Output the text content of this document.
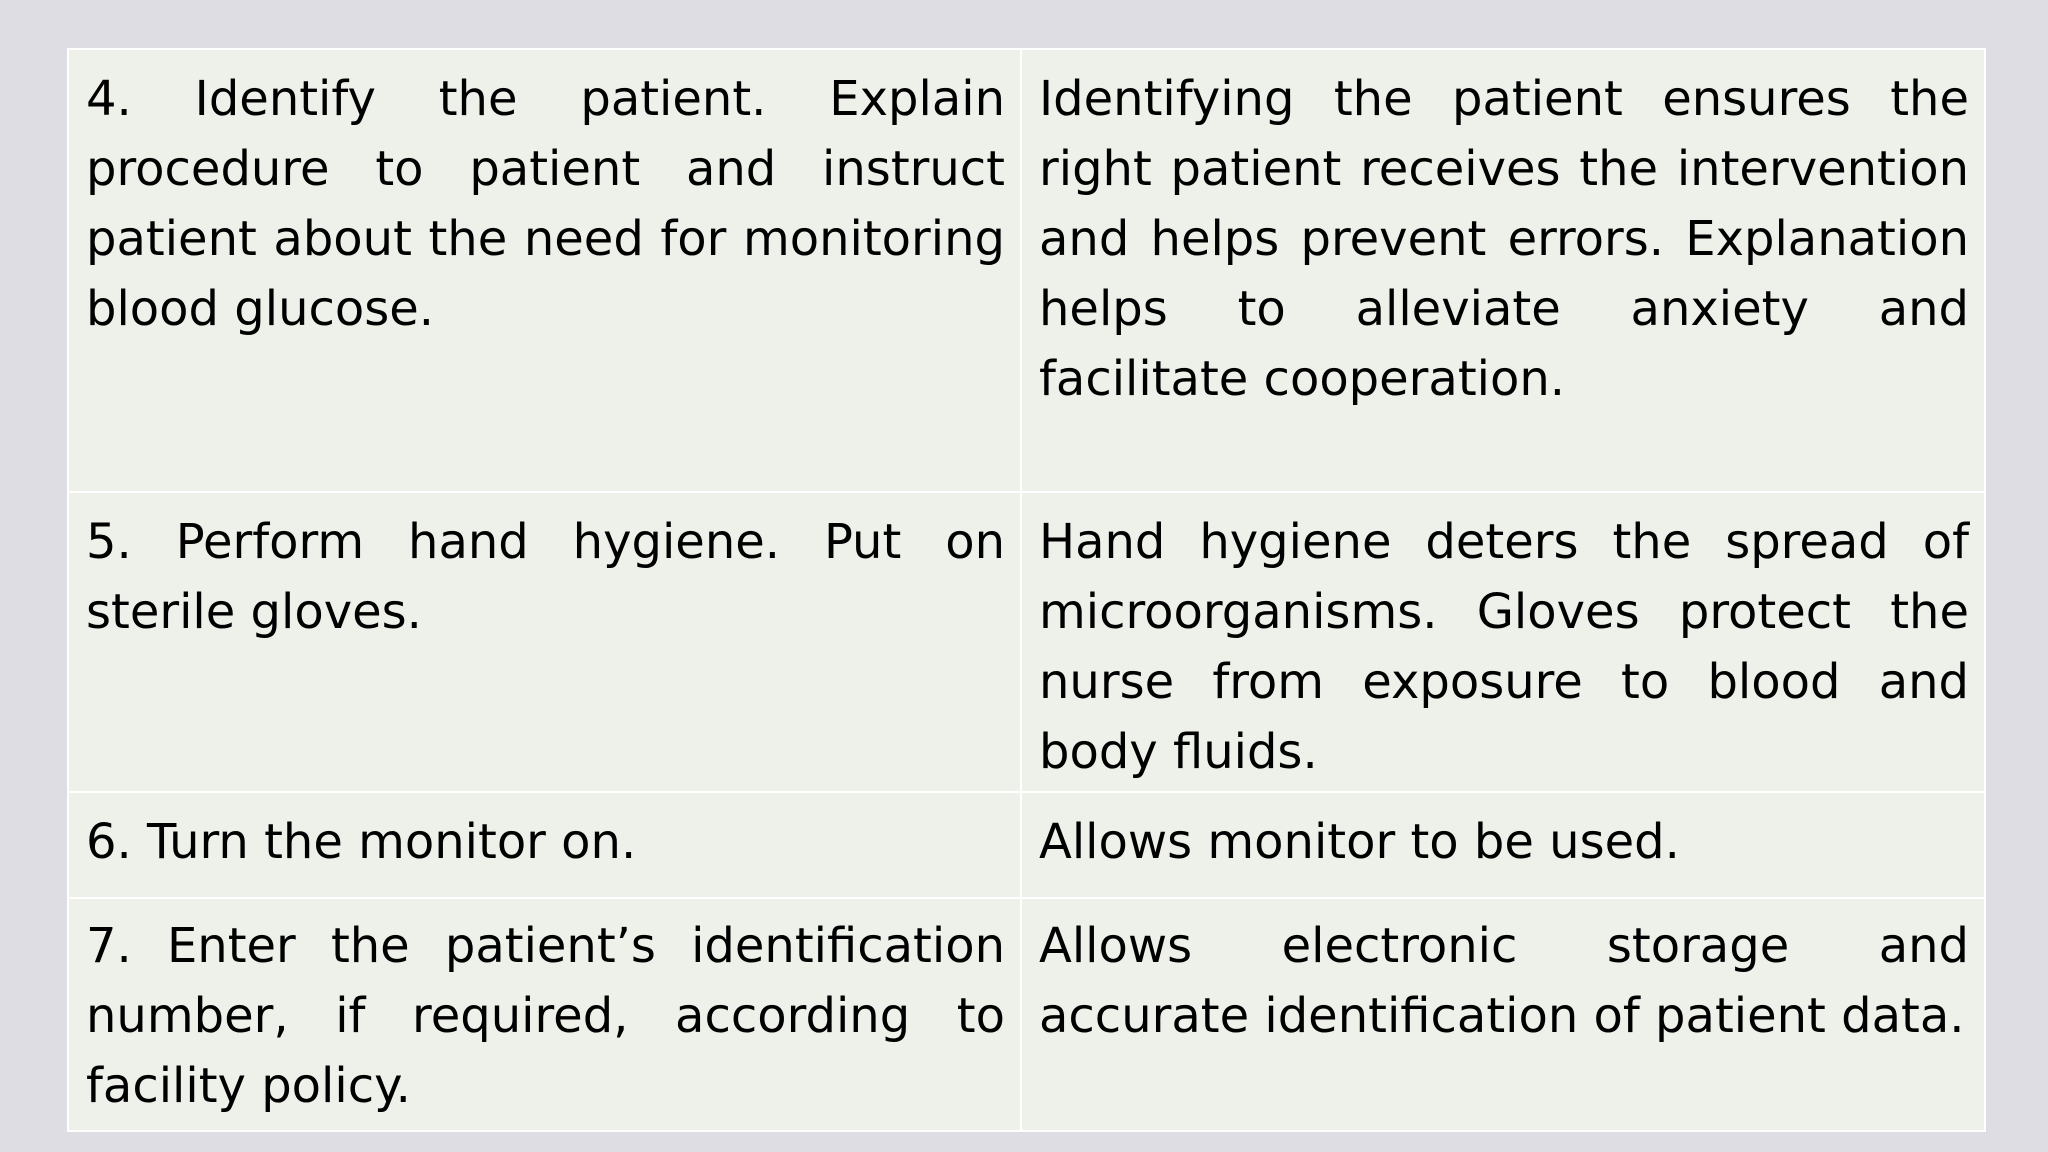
4. Identify the patient. Explain procedure to patient and instruct patient about the need for monitoring blood glucose.	Identifying the patient ensures the right patient receives the intervention and helps prevent errors. Explanation helps to alleviate anxiety and facilitate cooperation.
5. Perform hand hygiene. Put on sterile gloves.	Hand hygiene deters the spread of microorganisms. Gloves protect the nurse from exposure to blood and body fluids.
6. Turn the monitor on.	Allows monitor to be used.
7. Enter the patient’s identification number, if required, according to facility policy.	Allows electronic storage and accurate identification of patient data.
